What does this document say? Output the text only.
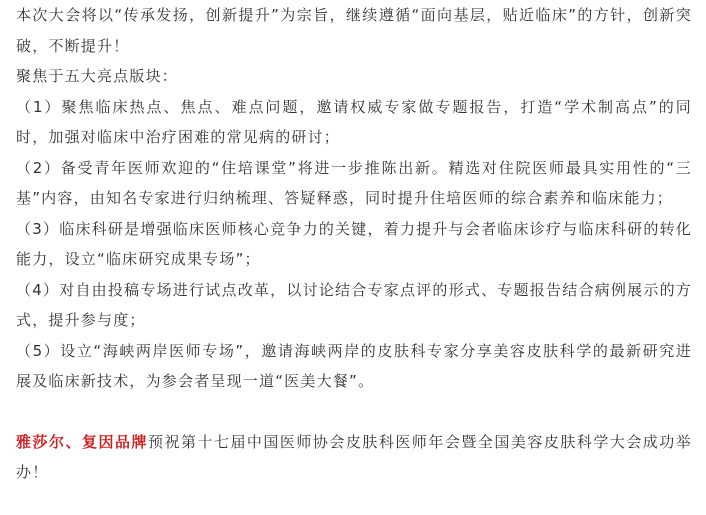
本次大会将以“传承发扬，创新提升”为宗旨，继续遵循“面向基层，贴近临床”的方针，创新突破，不断提升！

聚焦于五大亮点版块：

（1）聚焦临床热点、焦点、难点问题，邀请权威专家做专题报告，打造“学术制高点”的同时，加强对临床中治疗困难的常见病的研讨；

（2）备受青年医师欢迎的“住培课堂”将进一步推陈出新。精选对住院医师最具实用性的“三基”内容，由知名专家进行归纳梳理、答疑释惑，同时提升住培医师的综合素养和临床能力；

（3）临床科研是增强临床医师核心竞争力的关键，着力提升与会者临床诊疗与临床科研的转化能力，设立“临床研究成果专场”；

（4）对自由投稿专场进行试点改革，以讨论结合专家点评的形式、专题报告结合病例展示的方式，提升参与度；

（5）设立“海峡两岸医师专场”，邀请海峡两岸的皮肤科专家分享美容皮肤科学的最新研究进展及临床新技术，为参会者呈现一道“医美大餐”。

雅莎尔、复因品牌预祝第十七届中国医师协会皮肤科医师年会暨全国美容皮肤科学大会成功举办！
